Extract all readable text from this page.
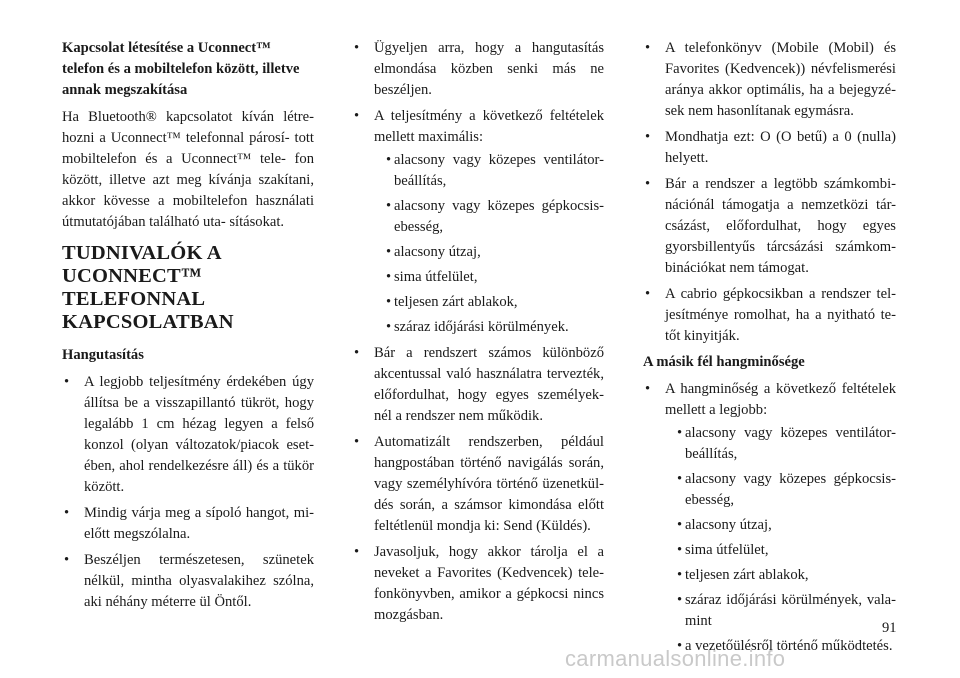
Kapcsolat létesítése a Uconnect™ telefon és a mobiltelefon között, illetve annak megszakítása
Ha Bluetooth® kapcsolatot kíván létre- hozni a Uconnect™ telefonnal párosí- tott mobiltelefon és a Uconnect™ tele- fon között, illetve azt meg kívánja szakítani, akkor kövesse a mobiltelefon használati útmutatójában található uta- sításokat.
TUDNIVALÓK A UCONNECT™ TELEFONNAL KAPCSOLATBAN
Hangutasítás
• A legjobb teljesítmény érdekében úgy állítsa be a visszapillantó tükröt, hogy legalább 1 cm hézag legyen a felső konzol (olyan változatok/piacok eset- ében, ahol rendelkezésre áll) és a tükör között.
• Mindig várja meg a sípoló hangot, mi- előtt megszólalna.
• Beszéljen természetesen, szünetek nélkül, mintha olyasvalakihez szólna, aki néhány méterre ül Öntől.
• Ügyeljen arra, hogy a hangutasítás elmondása közben senki más ne beszéljen.
• A teljesítmény a következő feltételek mellett maximális:
• alacsony vagy közepes ventilátor- beállítás,
• alacsony vagy közepes gépkocsis- ebesség,
• alacsony útzaj,
• sima útfelület,
• teljesen zárt ablakok,
• száraz időjárási körülmények.
• Bár a rendszert számos különböző akcentussal való használatra tervezték, előfordulhat, hogy egyes személyek- nél a rendszer nem működik.
• Automatizált rendszerben, például hangpostában történő navigálás során, vagy személyhívóra történő üzenetkül- dés során, a számsor kimondása előtt feltétlenül mondja ki: Send (Küldés).
• Javasoljuk, hogy akkor tárolja el a neveket a Favorites (Kedvencek) tele- fonkönyvben, amikor a gépkocsi nincs mozgásban.
• A telefonkönyv (Mobile (Mobil) és Favorites (Kedvencek)) névfelismerési aránya akkor optimális, ha a bejegyzé- sek nem hasonlítanak egymásra.
• Mondhatja ezt: O (O betű) a 0 (nulla) helyett.
• Bár a rendszer a legtöbb számkombi- nációnál támogatja a nemzetközi tár- csázást, előfordulhat, hogy egyes gyorsbillentyűs tárcsázási számkom- binációkat nem támogat.
• A cabrio gépkocsikban a rendszer tel- jesítménye romolhat, ha a nyitható te- tőt kinyitják.
A másik fél hangminősége
• A hangminőség a következő feltételek mellett a legjobb:
• alacsony vagy közepes ventilátor- beállítás,
• alacsony vagy közepes gépkocsis- ebesség,
• alacsony útzaj,
• sima útfelület,
• teljesen zárt ablakok,
• száraz időjárási körülmények, vala- mint
• a vezetőülésről történő működtetés.
91
carmanualsonline.info
